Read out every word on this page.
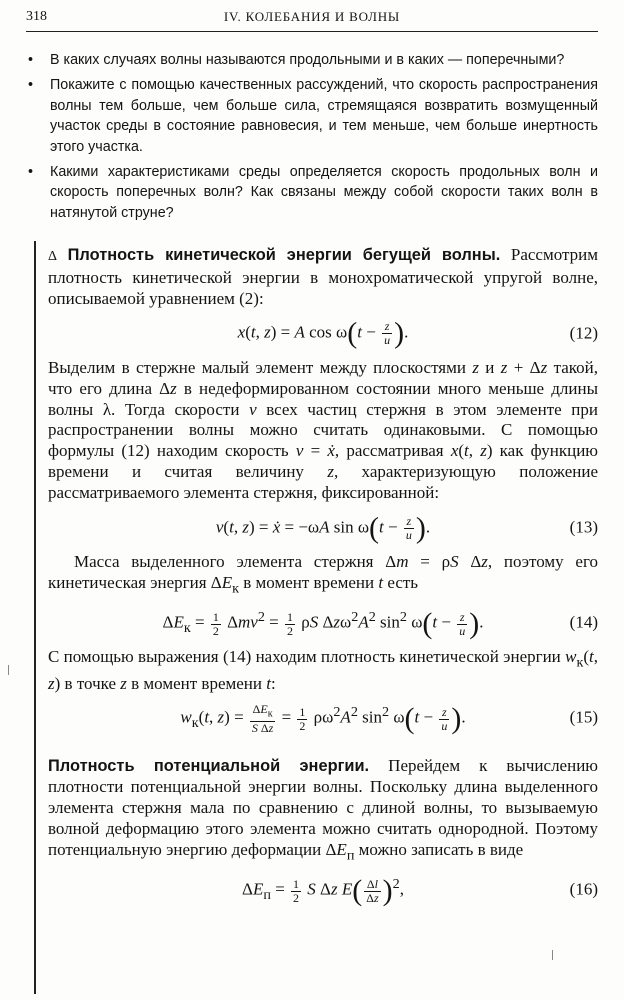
318	IV. КОЛЕБАНИЯ И ВОЛНЫ
• В каких случаях волны называются продольными и в каких — поперечными?
• Покажите с помощью качественных рассуждений, что скорость распространения волны тем больше, чем больше сила, стремящаяся возвратить возмущенный участок среды в состояние равновесия, и тем меньше, чем больше инертность этого участка.
• Какими характеристиками среды определяется скорость продольных волн и скорость поперечных волн? Как связаны между собой скорости таких волн в натянутой струне?

Δ Плотность кинетической энергии бегущей волны. Рассмотрим плотность кинетической энергии в монохроматической упругой волне, описываемой уравнением (2):

x(t, z) = A $\cos \omega(t - \frac{z}{u}$ ).	(12)

Выделим в стержне малый элемент между плоскостями z и z + Δz такой, что его длина Δz в недеформированном состоянии много меньше длины волны λ. Тогда скорости v всех частиц стержня в этом элементе при распространении волны можно считать одинаковыми. С помощью формулы (12) находим скорость v = ẋ, рассматривая x(t, z) как функцию времени и считая величину z, характеризующую положение рассматриваемого элемента стержня, фиксированной:

v(t, z) = ẋ = −ωA $\sin \omega(t - \frac{z}{u}$ ).	(13)

Масса выделенного элемента стержня Δm = ρS Δz, поэтому его кинетическая энергия $\Delta E_к$ в момент времени t есть

$\Delta E_к = \frac{1}{2} \Delta mv^2 = \frac{1}{2}$ ρS $\Delta z\omega^2A^2$ $\sin^2 \omega(t - \frac{z}{u}$ ).	(14)

С помощью выражения (14) находим плотность кинетической энергии $w_к(t$, z) в точке z в момент времени t:

$w_к(t$, $z) = \Delta E_к$
S Δz
= $\frac{1}{2} \rho\omega^2A^2$ $\sin^2 \omega(t - \frac{z}{u}$ ).	(15)

Плотность потенциальной энергии. Перейдем к вычислению плотности потенциальной энергии волны. Поскольку длина выделенного элемента стержня мала по сравнению с длиной волны, то вызываемую волной деформацию этого элемента можно считать однородной. Поэтому потенциальную энергию деформации $\Delta E_п$ можно записать в виде

$\Delta E_п = \frac{1}{2}$ S Δz $E( \frac{\Delta l}{\Delta z} )^2$,	(16)
